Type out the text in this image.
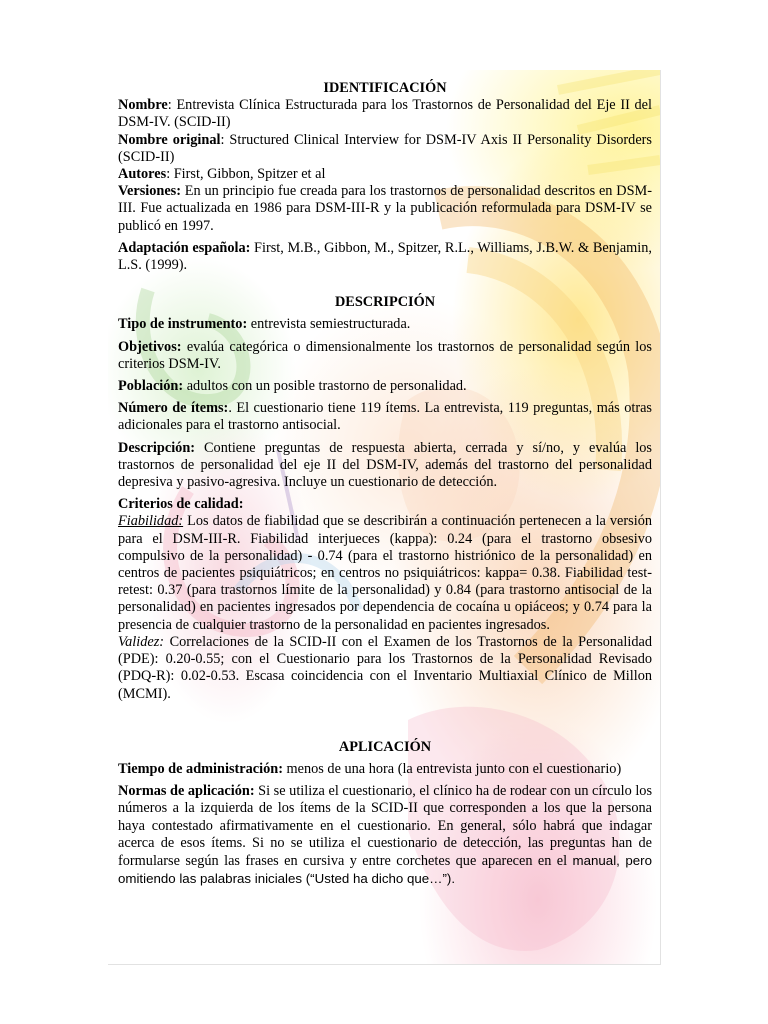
IDENTIFICACIÓN

Nombre: Entrevista Clínica Estructurada para los Trastornos de Personalidad del Eje II del DSM-IV. (SCID-II)

Nombre original: Structured Clinical Interview for DSM-IV Axis II Personality Disorders (SCID-II)

Autores: First, Gibbon, Spitzer et al

Versiones: En un principio fue creada para los trastornos de personalidad descritos en DSM-III. Fue actualizada en 1986 para DSM-III-R y la publicación reformulada para DSM-IV se publicó en 1997.

Adaptación española: First, M.B., Gibbon, M., Spitzer, R.L., Williams, J.B.W. & Benjamin, L.S. (1999).

DESCRIPCIÓN

Tipo de instrumento: entrevista semiestructurada.

Objetivos: evalúa categórica o dimensionalmente los trastornos de personalidad según los criterios DSM-IV.

Población: adultos con un posible trastorno de personalidad.

Número de ítems:. El cuestionario tiene 119 ítems. La entrevista, 119 preguntas, más otras adicionales para el trastorno antisocial.

Descripción: Contiene preguntas de respuesta abierta, cerrada y sí/no, y evalúa los trastornos de personalidad del eje II del DSM-IV, además del trastorno del personalidad depresiva y pasivo-agresiva. Incluye un cuestionario de detección.

Criterios de calidad:

Fiabilidad: Los datos de fiabilidad que se describirán a continuación pertenecen a la versión para el DSM-III-R. Fiabilidad interjueces (kappa): 0.24 (para el trastorno obsesivo compulsivo de la personalidad) - 0.74 (para el trastorno histriónico de la personalidad) en centros de pacientes psiquiátricos; en centros no psiquiátricos: kappa= 0.38. Fiabilidad test-retest: 0.37 (para trastornos límite de la personalidad) y 0.84 (para trastorno antisocial de la personalidad) en pacientes ingresados por dependencia de cocaína u opiáceos; y 0.74 para la presencia de cualquier trastorno de la personalidad en pacientes ingresados.

Validez: Correlaciones de la SCID-II con el Examen de los Trastornos de la Personalidad (PDE): 0.20-0.55; con el Cuestionario para los Trastornos de la Personalidad Revisado (PDQ-R): 0.02-0.53. Escasa coincidencia con el Inventario Multiaxial Clínico de Millon (MCMI).

APLICACIÓN

Tiempo de administración: menos de una hora (la entrevista junto con el cuestionario)

Normas de aplicación: Si se utiliza el cuestionario, el clínico ha de rodear con un círculo los números a la izquierda de los ítems de la SCID-II que corresponden a los que la persona haya contestado afirmativamente en el cuestionario. En general, sólo habrá que indagar acerca de esos ítems. Si no se utiliza el cuestionario de detección, las preguntas han de formularse según las frases en cursiva y entre corchetes que aparecen en el manual, pero omitiendo las palabras iniciales (“Usted ha dicho que…”).
